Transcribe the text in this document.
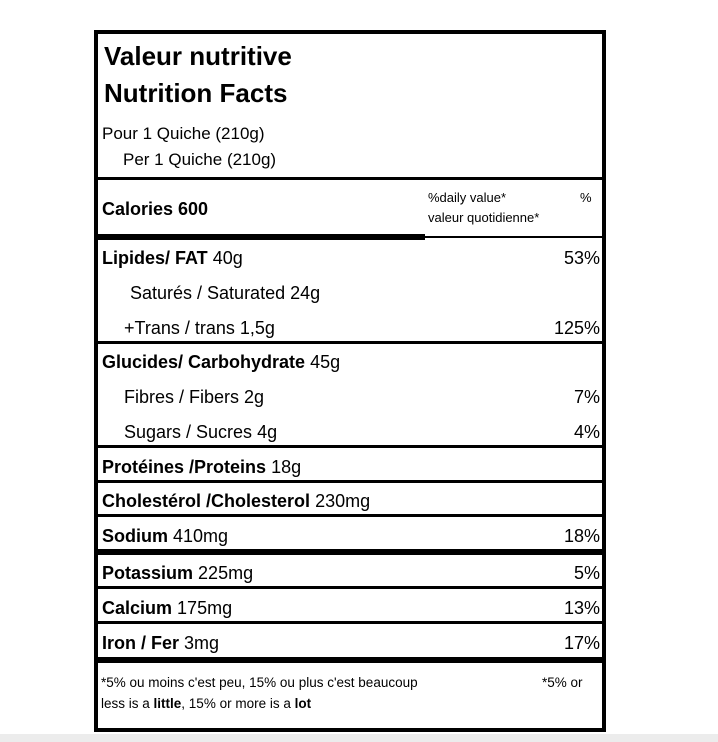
Valeur nutritive
Nutrition Facts
Pour 1 Quiche (210g)
Per 1 Quiche (210g)
Calories 600
%daily value*	%
valeur quotidienne*
Lipides/ FAT 40g	53%
Saturés / Saturated 24g
+Trans / trans 1,5g	125%
Glucides/ Carbohydrate 45g
Fibres / Fibers 2g	7%
Sugars / Sucres 4g	4%
Protéines /Proteins 18g
Cholestérol /Cholesterol 230mg
Sodium 410mg	18%
Potassium 225mg	5%
Calcium 175mg	13%
Iron / Fer 3mg	17%
*5% ou moins c'est peu, 15% ou plus c'est beaucoup	*5% or
less is a little, 15% or more is a lot
